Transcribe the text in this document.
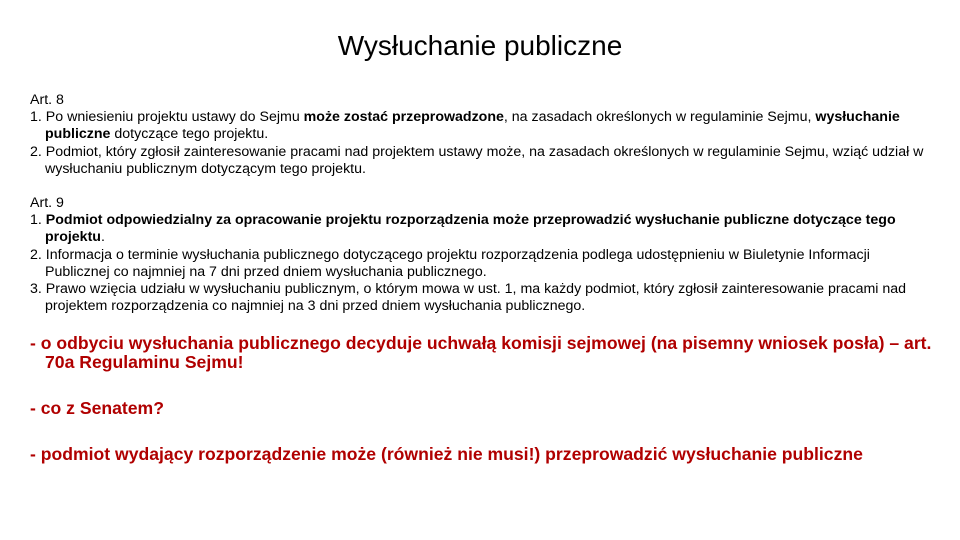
Wysłuchanie publiczne

Art. 8

1. Po wniesieniu projektu ustawy do Sejmu może zostać przeprowadzone, na zasadach określonych w regulaminie Sejmu, wysłuchanie publiczne dotyczące tego projektu.

2. Podmiot, który zgłosił zainteresowanie pracami nad projektem ustawy może, na zasadach określonych w regulaminie Sejmu, wziąć udział w wysłuchaniu publicznym dotyczącym tego projektu.

Art. 9

1. Podmiot odpowiedzialny za opracowanie projektu rozporządzenia może przeprowadzić wysłuchanie publiczne dotyczące tego projektu.

2. Informacja o terminie wysłuchania publicznego dotyczącego projektu rozporządzenia podlega udostępnieniu w Biuletynie Informacji Publicznej co najmniej na 7 dni przed dniem wysłuchania publicznego.

3. Prawo wzięcia udziału w wysłuchaniu publicznym, o którym mowa w ust. 1, ma każdy podmiot, który zgłosił zainteresowanie pracami nad projektem rozporządzenia co najmniej na 3 dni przed dniem wysłuchania publicznego.

- o odbyciu wysłuchania publicznego decyduje uchwałą komisji sejmowej (na pisemny wniosek posła) – art. 70a Regulaminu Sejmu!

- co z Senatem?

- podmiot wydający rozporządzenie może (również nie musi!) przeprowadzić wysłuchanie publiczne
